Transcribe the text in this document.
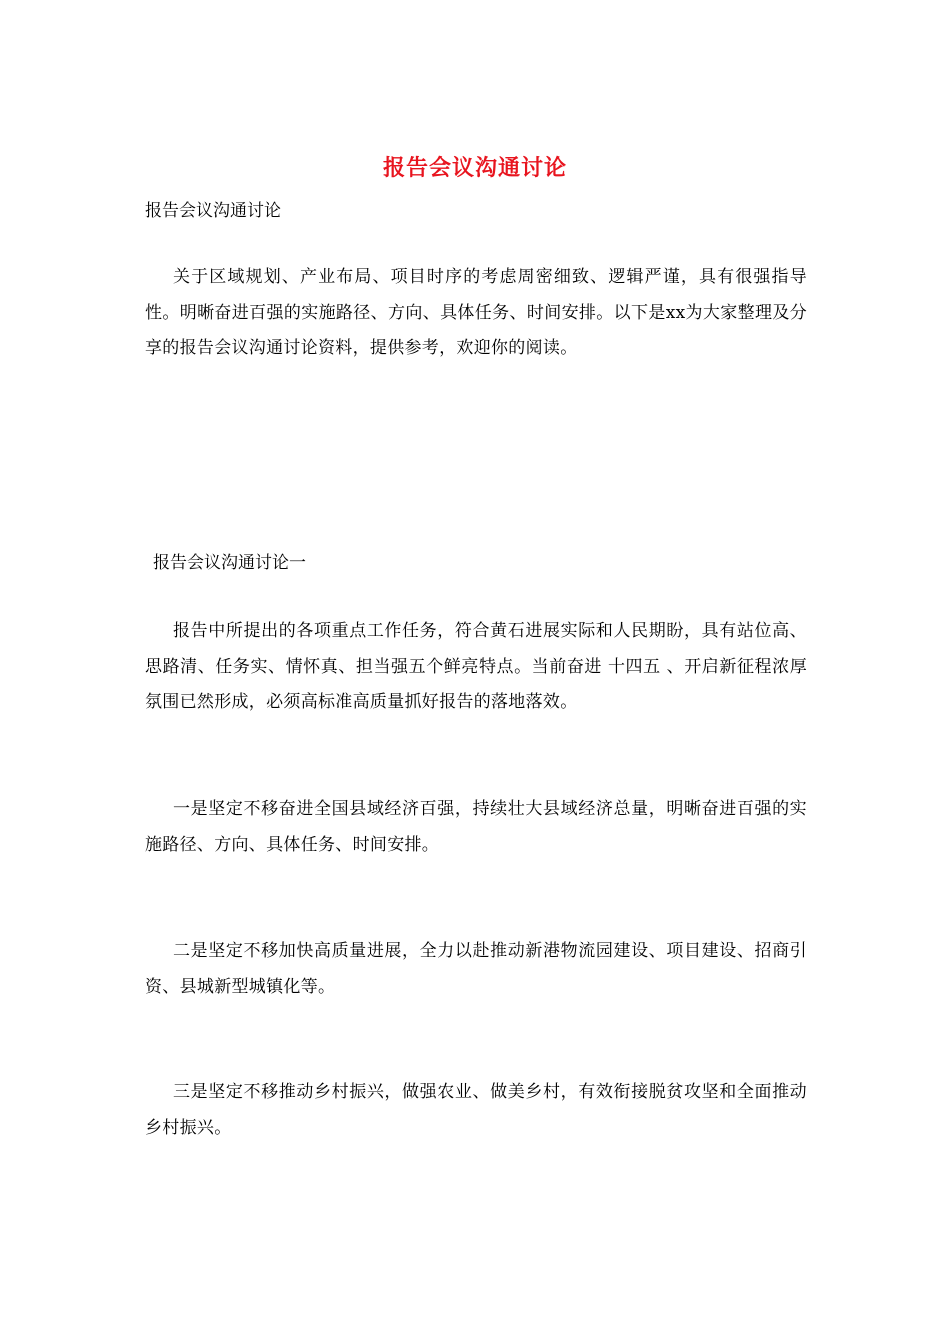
报告会议沟通讨论
报告会议沟通讨论
关于区域规划、产业布局、项目时序的考虑周密细致、逻辑严谨，具有很强指导性。明晰奋进百强的实施路径、方向、具体任务、时间安排。以下是xx为大家整理及分享的报告会议沟通讨论资料，提供参考，欢迎你的阅读。
报告会议沟通讨论一
报告中所提出的各项重点工作任务，符合黄石进展实际和人民期盼，具有站位高、思路清、任务实、情怀真、担当强五个鲜亮特点。当前奋进 十四五 、开启新征程浓厚氛围已然形成，必须高标准高质量抓好报告的落地落效。
一是坚定不移奋进全国县域经济百强，持续壮大县域经济总量，明晰奋进百强的实施路径、方向、具体任务、时间安排。
二是坚定不移加快高质量进展，全力以赴推动新港物流园建设、项目建设、招商引资、县城新型城镇化等。
三是坚定不移推动乡村振兴，做强农业、做美乡村，有效衔接脱贫攻坚和全面推动乡村振兴。
